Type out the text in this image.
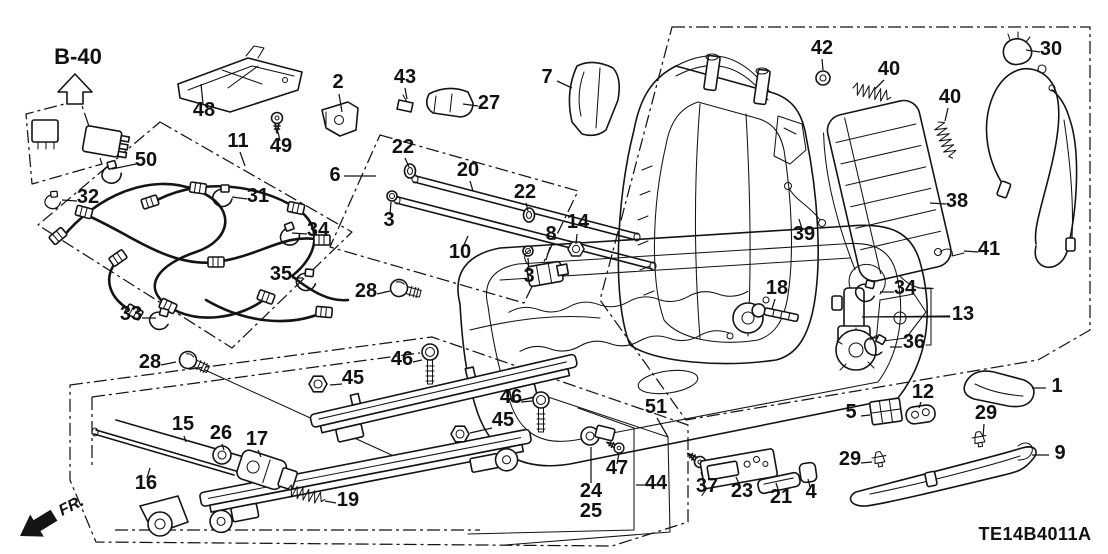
B-40
FR.
TE14B4011A
1
2
3
3
4
5
6
7
8
9
10
11
12
13
14
15
16
17
18
19
20
21
22
22
23
24
25
26
27
28
28
29
29
30
31
32
33
34
34
35
36
37
38
39
40
40
41
42
43
44
45
45
46
46
47
48
49
50
51
